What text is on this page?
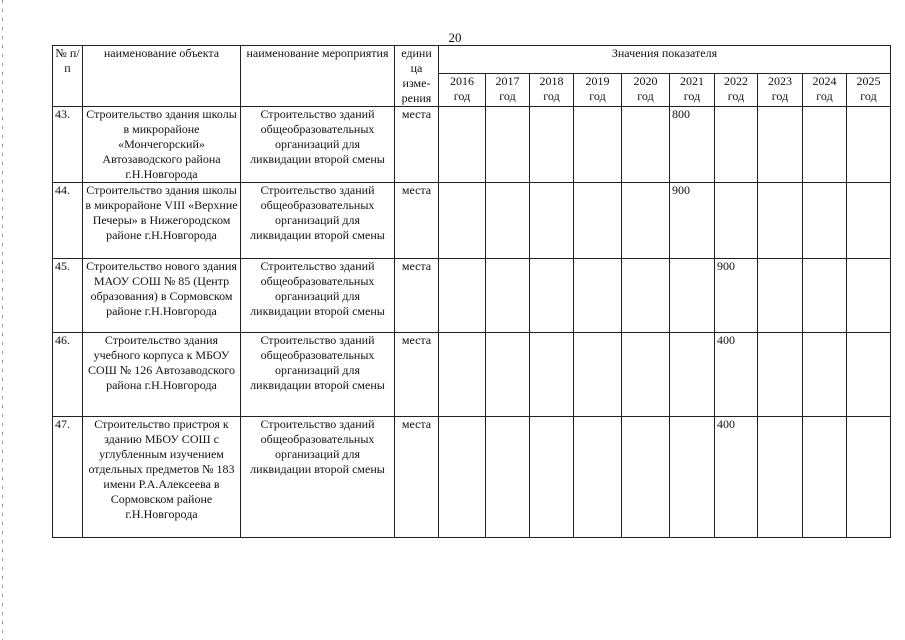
20
№ п/п	наименование объекта	наименование мероприятия	едини ца изме- рения	Значения показателя									
				2016 год	2017 год	2018 год	2019 год	2020 год	2021 год	2022 год	2023 год	2024 год	2025 год
43.	Строительство здания школы в микрорайоне «Мончегорский» Автозаводского района г.Н.Новгорода	Строительство зданий общеобразовательных организаций для ликвидации второй смены	места						800				
44.	Строительство здания школы в микрорайоне VIII «Верхние Печеры» в Нижегородском районе г.Н.Новгорода	Строительство зданий общеобразовательных организаций для ликвидации второй смены	места						900				
45.	Строительство нового здания МАОУ СОШ № 85 (Центр образования) в Сормовском районе г.Н.Новгорода	Строительство зданий общеобразовательных организаций для ликвидации второй смены	места							900			
46.	Строительство здания учебного корпуса к МБОУ СОШ № 126 Автозаводского района г.Н.Новгорода	Строительство зданий общеобразовательных организаций для ликвидации второй смены	места							400			
47.	Строительство пристроя к зданию МБОУ СОШ с углубленным изучением отдельных предметов № 183 имени Р.А.Алексеева в Сормовском районе г.Н.Новгорода	Строительство зданий общеобразовательных организаций для ликвидации второй смены	места							400			
